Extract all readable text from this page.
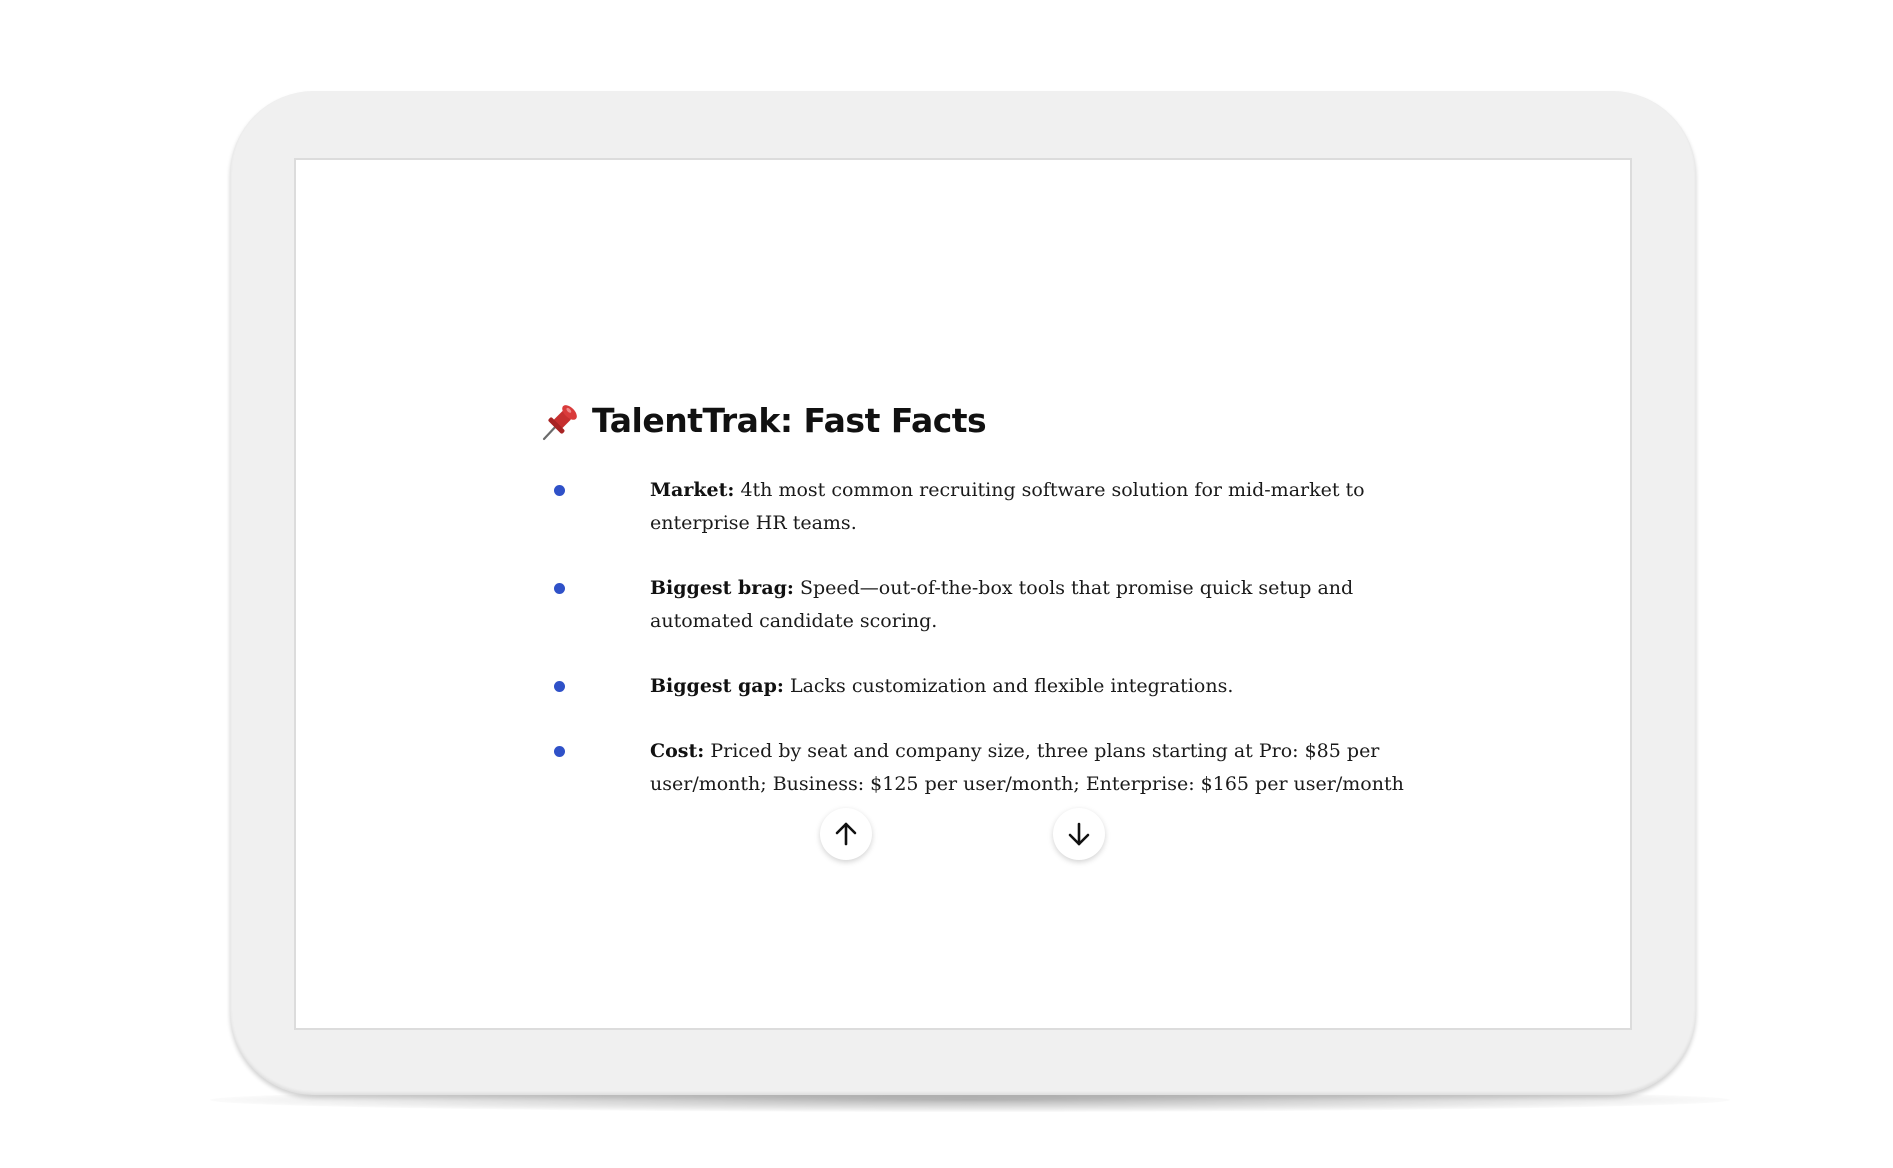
TalentTrak: Fast Facts
Market: 4th most common recruiting software solution for mid-market to enterprise HR teams.
Biggest brag: Speed—out-of-the-box tools that promise quick setup and automated candidate scoring.
Biggest gap: Lacks customization and flexible integrations.
Cost: Priced by seat and company size, three plans starting at Pro: $85 per user/month; Business: $125 per user/month; Enterprise: $165 per user/month
